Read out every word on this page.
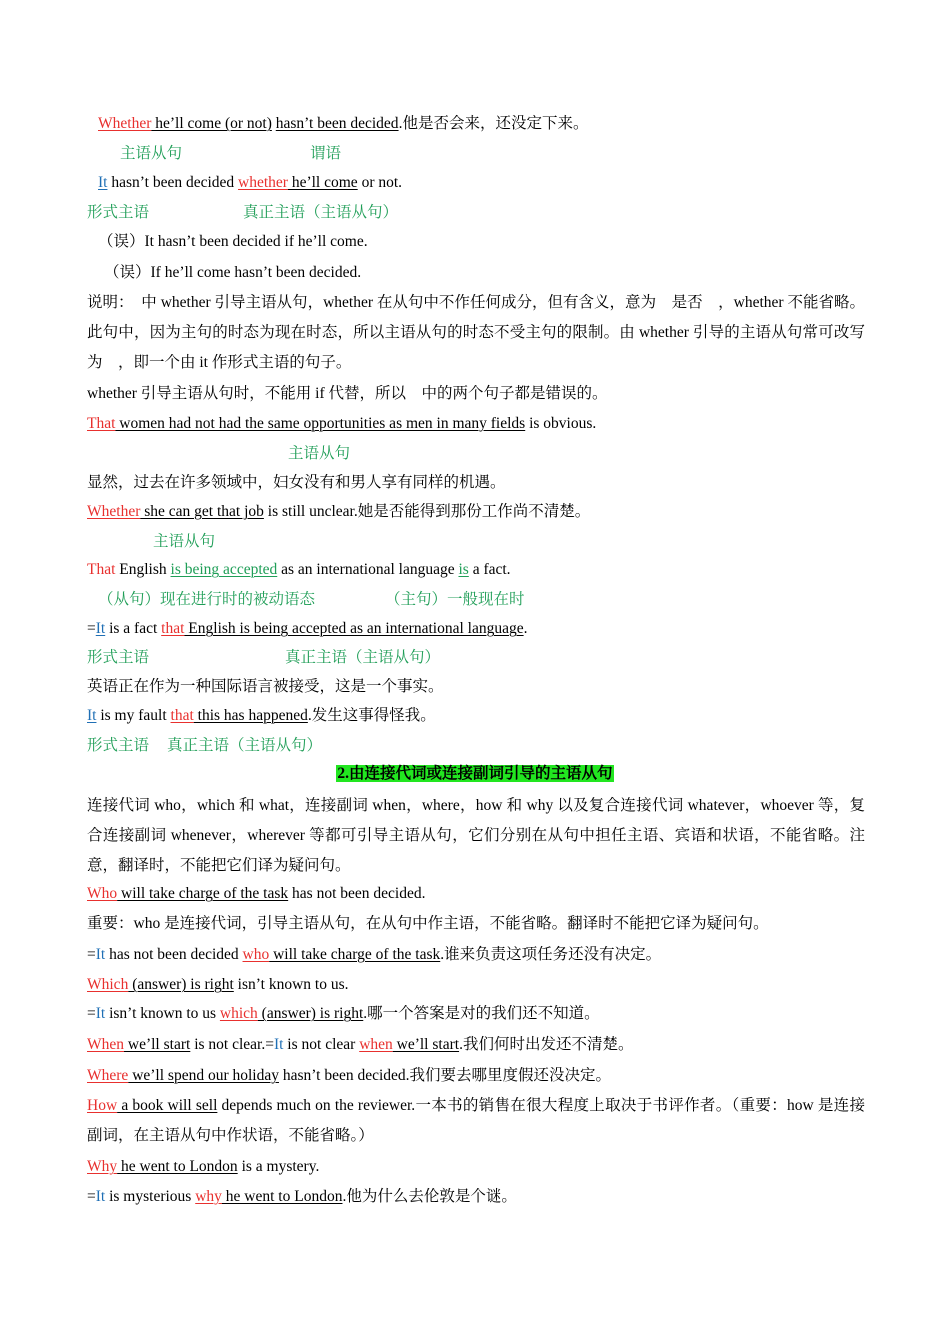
Whether he’ll come (or not) hasn’t been decided.他是否会来，还没定下来。
主语从句	谓语
It hasn’t been decided whether he’ll come or not.
形式主语	真正主语（主语从句）
（误）It hasn’t been decided if he’ll come.
（误）If he’ll come hasn’t been decided.
说明：　中 whether 引导主语从句，whether 在从句中不作任何成分，但有含义，意为　是否　，whether 不能省略。此句中，因为主句的时态为现在时态，所以主语从句的时态不受主句的限制。由 whether 引导的主语从句常可改写为　，即一个由 it 作形式主语的句子。
whether 引导主语从句时，不能用 if 代替，所以　中的两个句子都是错误的。
That women had not had the same opportunities as men in many fields is obvious.
主语从句
显然，过去在许多领域中，妇女没有和男人享有同样的机遇。
Whether she can get that job is still unclear.她是否能得到那份工作尚不清楚。
主语从句
That English is being accepted as an international language is a fact.
（从句）现在进行时的被动语态	（主句）一般现在时
=It is a fact that English is being accepted as an international language.
形式主语	真正主语（主语从句）
英语正在作为一种国际语言被接受，这是一个事实。
It is my fault that this has happened.发生这事得怪我。
形式主语 真正主语（主语从句）
2.由连接代词或连接副词引导的主语从句
连接代词 who，which 和 what，连接副词 when，where，how 和 why 以及复合连接代词 whatever，whoever 等，复合连接副词 whenever，wherever 等都可引导主语从句，它们分别在从句中担任主语、宾语和状语，不能省略。注意，翻译时，不能把它们译为疑问句。
Who will take charge of the task has not been decided.
重要：who 是连接代词，引导主语从句，在从句中作主语，不能省略。翻译时不能把它译为疑问句。
=It has not been decided who will take charge of the task.谁来负责这项任务还没有决定。
Which (answer) is right isn’t known to us.
=It isn’t known to us which (answer) is right.哪一个答案是对的我们还不知道。
When we’ll start is not clear.=It is not clear when we’ll start.我们何时出发还不清楚。
Where we’ll spend our holiday hasn’t been decided.我们要去哪里度假还没决定。
How a book will sell depends much on the reviewer.一本书的销售在很大程度上取决于书评作者。（重要：how 是连接副词，在主语从句中作状语，不能省略。）
Why he went to London is a mystery.
=It is mysterious why he went to London.他为什么去伦敦是个谜。
